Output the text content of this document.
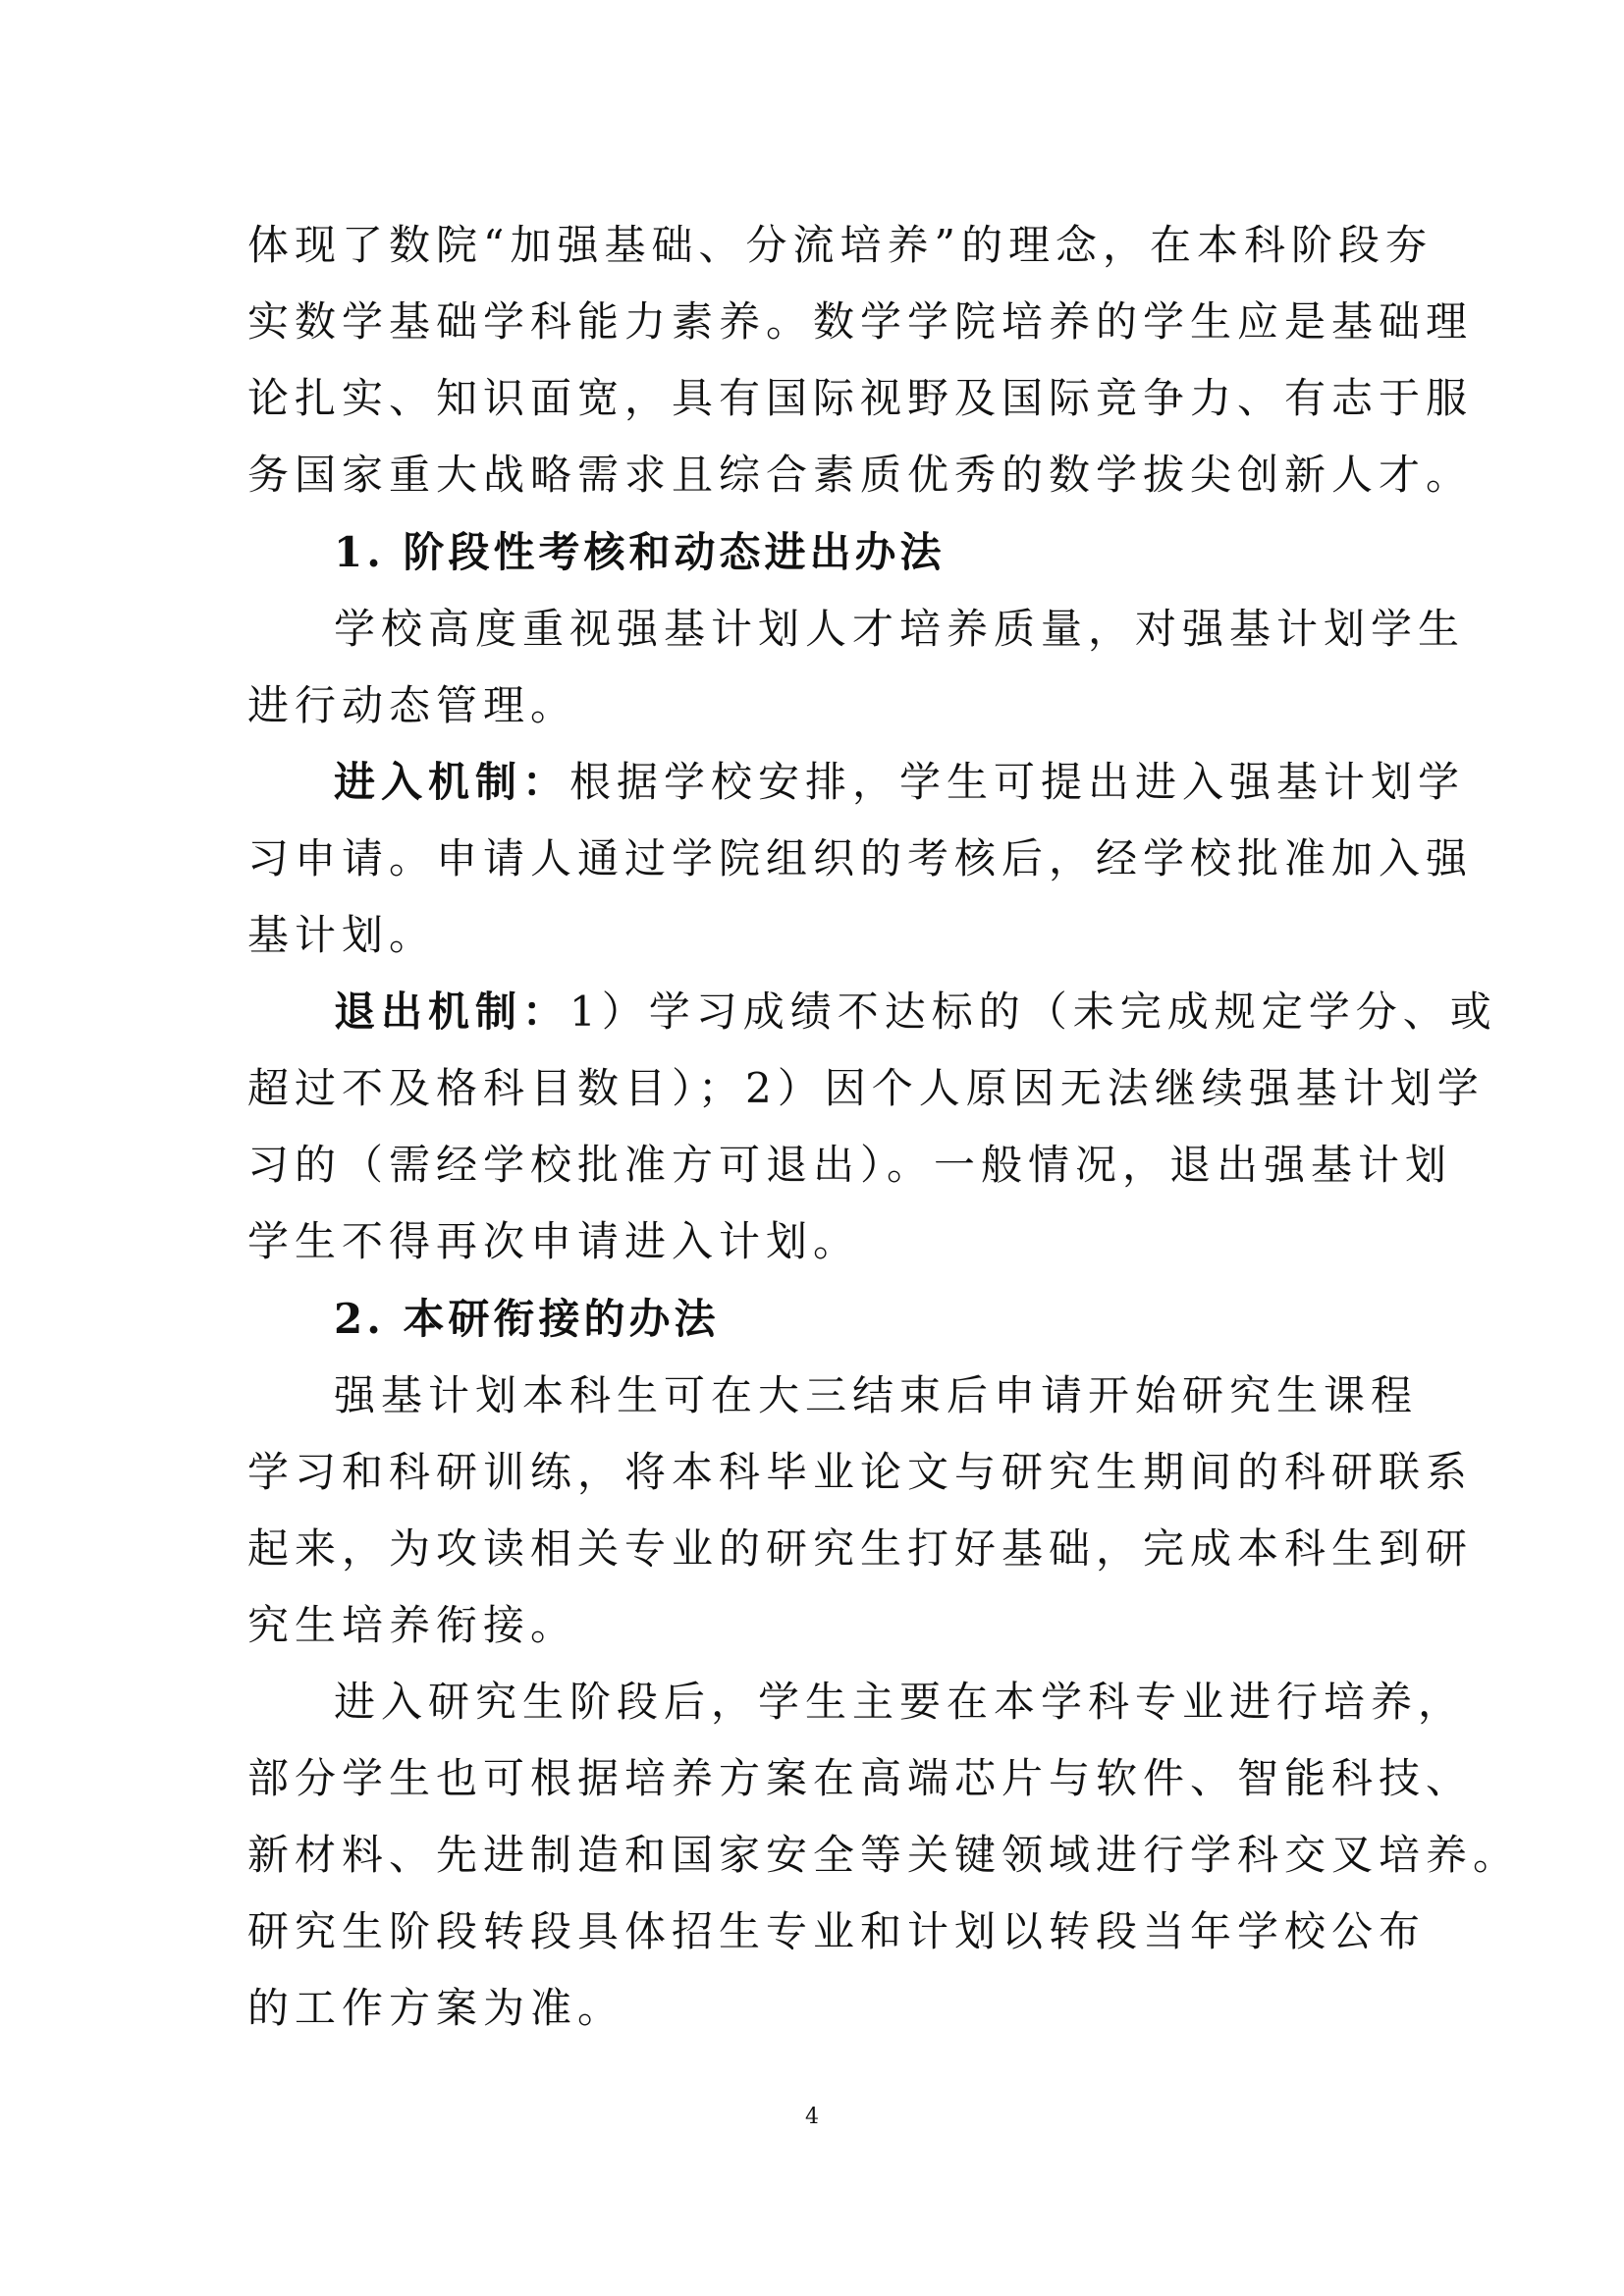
体现了数院“加强基础、分流培养”的理念，在本科阶段夯
实数学基础学科能力素养。数学学院培养的学生应是基础理
论扎实、知识面宽，具有国际视野及国际竞争力、有志于服
务国家重大战略需求且综合素质优秀的数学拔尖创新人才。
1. 阶段性考核和动态进出办法
学校高度重视强基计划人才培养质量，对强基计划学生
进行动态管理。
进入机制：根据学校安排，学生可提出进入强基计划学
习申请。申请人通过学院组织的考核后，经学校批准加入强
基计划。
退出机制：1）学习成绩不达标的（未完成规定学分、或
超过不及格科目数目）；2）因个人原因无法继续强基计划学
习的（需经学校批准方可退出）。一般情况，退出强基计划
学生不得再次申请进入计划。
2. 本研衔接的办法
强基计划本科生可在大三结束后申请开始研究生课程
学习和科研训练，将本科毕业论文与研究生期间的科研联系
起来，为攻读相关专业的研究生打好基础，完成本科生到研
究生培养衔接。
进入研究生阶段后，学生主要在本学科专业进行培养，
部分学生也可根据培养方案在高端芯片与软件、智能科技、
新材料、先进制造和国家安全等关键领域进行学科交叉培养。
研究生阶段转段具体招生专业和计划以转段当年学校公布
的工作方案为准。
4
